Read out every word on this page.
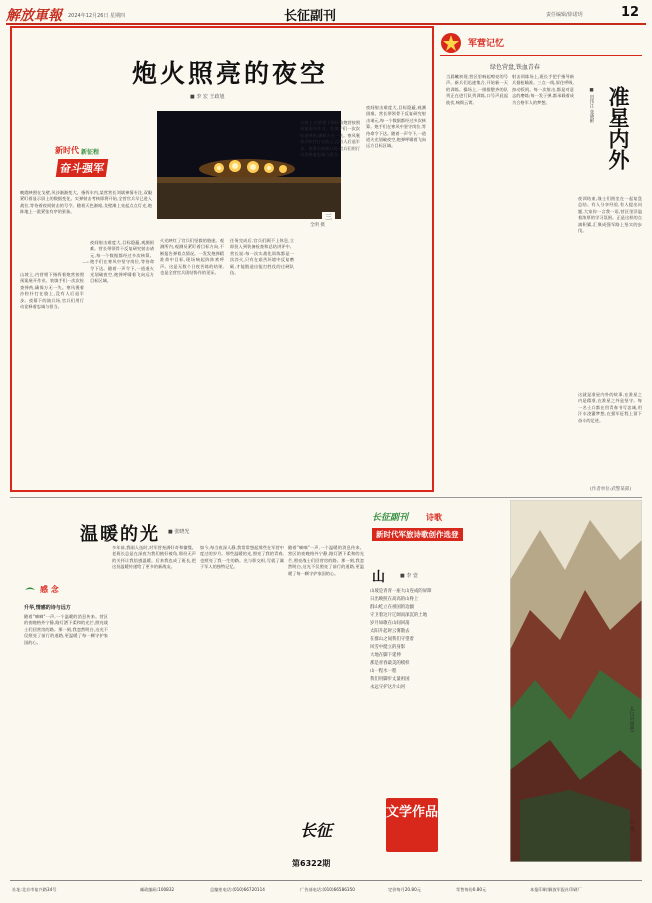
解放軍報 2024年12月26日 星期四	长征副刊	责任编辑/徐诺玥	12
炮火照亮的夜空
■ 李 宏 王政旭
新时代 新征程
奋斗强军
全明 摄
晚霞映照在戈壁,风沙渐渐变大。指挥车内,某营营长刘斌神情专注,双眼紧盯着显示屏上的数据变化。实弹射击考核即将开始,全营官兵早已进入战位,等待着夜间射击的号令。随着天色渐暗,戈壁滩上亮起点点灯光,炮阵地上一派紧张有序的景象。
一
山坡上,内营相下指挥着炮营按照预案展开作业。装填手们一次次检查弹药,确保万无一失。寒风裹着沙粒扑打在脸上,没有人后退半步。夜幕下的演兵场,官兵们用行动诠释着忠诚与担当。
夜间射击难度大,目标隐蔽,观测困难。营长带领骨干反复研究射击诸元,每一个数据都经过多次核算。炮手们在寒风中坚守岗位,等待命令下达。随着一声令下,一道道火光划破夜空,炮弹呼啸着飞向远方目标区域。
火光映红了官兵们坚毅的脸庞。观测所内,观测员紧盯着目标方向,不断报告弹着点情况。一发发炮弹精准命中目标,现场响起阵阵欢呼声。这是无数个日夜苦练的结果,也是全营官兵团结协作的见证。
任务完成后,官兵们顾不上休息,立即投入到装备检查和总结讲评中。营长说:每一次实战化训练都是一次淬火,只有在艰苦环境中反复磨砺,才能锻造出能打胜仗的过硬队伍。
山坡上,内营相下指挥着炮营按照预案展开作业。装填手们一次次检查弹药,确保万无一失。寒风裹着沙粒扑打在脸上,没有人后退半步。夜幕下的演兵场,官兵们用行动诠释着忠诚与担当。
三
夜间射击难度大,目标隐蔽,观测困难。营长带领骨干反复研究射击诸元,每一个数据都经过多次核算。炮手们在寒风中坚守岗位,等待命令下达。随着一声令下,一道道火光划破夜空,炮弹呼啸着飞向远方目标区域。
军营记忆
绿色营盘,铁血青春
当晨曦初现,营区里响起嘹亮的号声。新兵们迅速集合,开始新一天的训练。操场上,一排排整齐的队列正在进行队列训练,口号声此起彼伏,响彻云霄。
射击训练场上,班长手把手指导新兵据枪瞄准。三点一线,屏住呼吸,扣动扳机。每一次射击,都是对意志的磨练;每一发子弹,都承载着成为合格军人的梦想。	准星内外
■ 田伟江 张晓彬
夜训结束,战士们围坐在一起复盘总结。有人分享经验,有人提出问题,大家你一言我一语,营区里洋溢着浓厚的学习氛围。正是这样的点滴积累,汇聚成强军路上坚实的步伐。
这就是准星内外的故事,在准星之内是精准,在准星之外是坚守。每一名士兵都在用青春书写忠诚,用汗水浇灌梦想,在强军征程上留下奋斗的足迹。
(作者单位:武警某部)
温暖的光 ■ 张晓光
感 念
升华,情感的诗与远方
随着"嘀嘀"一声,一个温暖的消息传来。营区的夜晚格外宁静,路灯洒下柔和的光芒,照亮战士们回营房的路。那一刻,我忽然明白,这光不仅照亮了前行的道路,更温暖了每一颗守护家国的心。
多年前,我刚入伍时,对军营充满好奇和憧憬。老班长总是在深夜为我们掖好被角,那份无声的关怀让我倍感温暖。后来我也成了班长,把这份温暖传递给了更多的新战友。
如今,每当夜深人静,我常常想起那些在军营中度过的岁月。那些温暖的光,照亮了我的青春,也照亮了我一生的路。光与影交织,写就了属于军人的独特记忆。
随着"嘀嘀"一声,一个温暖的消息传来。营区的夜晚格外宁静,路灯洒下柔和的光芒,照亮战士们回营房的路。那一刻,我忽然明白,这光不仅照亮了前行的道路,更温暖了每一颗守护家国的心。
长征
第6322期
长征副刊 诗歌
新时代军旅诗歌创作选登
山	■ 李 壹
山坡是青青一座大山连成的屏障
日出映照在高高的山脊上
群山屹立在祖国的边疆
守卫着这片辽阔而深沉的土地
岁月如歌在山间回荡
太阳升起时云雾散去
在群山之间我们守望着
风雪中挺立的身影
大地在脚下延伸
那是青春最美的模样
山一程水一程
我们用脚步丈量祖国
永远守护这片山河
文学作品
太行(中国画)
□ 周 一
社址:北京市复兴路34号	邮政编码:100832	总编室电话:(010)66720114	广告部电话:(010)66586350	定价每月20.80元	零售每份0.80元	本报印刷:解放军报社印刷厂
